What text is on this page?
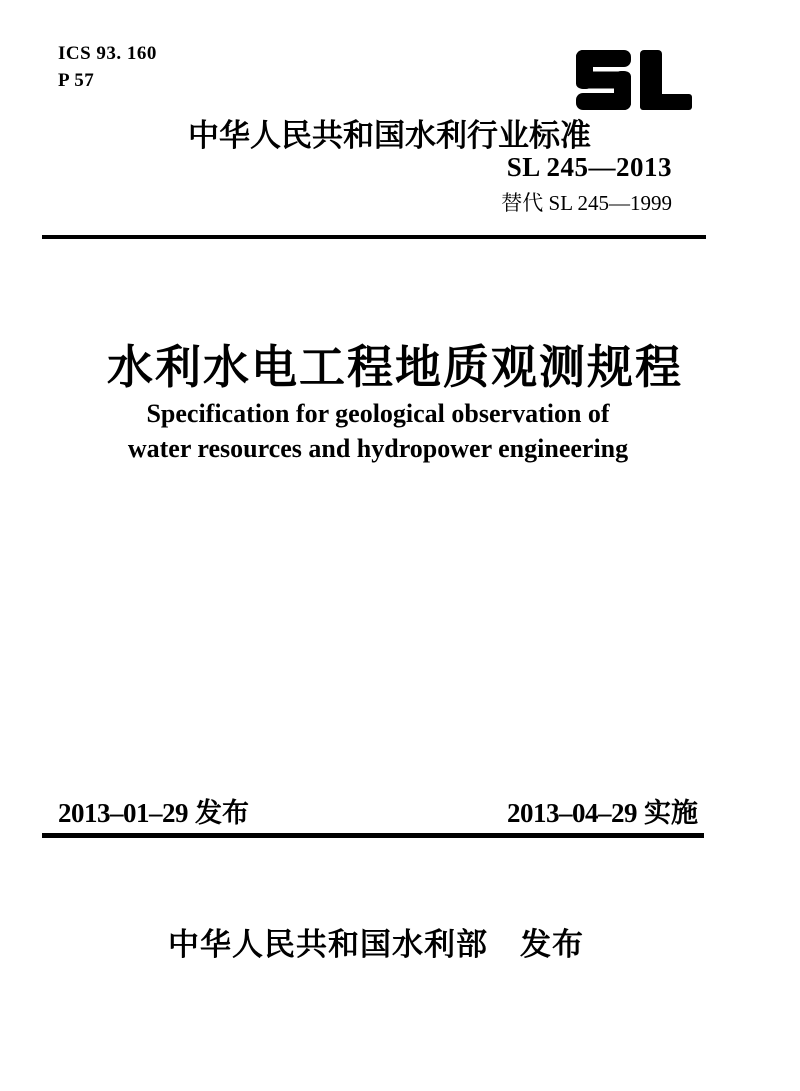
ICS 93. 160
P 57
中华人民共和国水利行业标准
SL 245—2013
替代 SL 245—1999
水利水电工程地质观测规程
Specification for geological observation of
water resources and hydropower engineering
2013–01–29 发布	2013–04–29 实施
中华人民共和国水利部　发布
